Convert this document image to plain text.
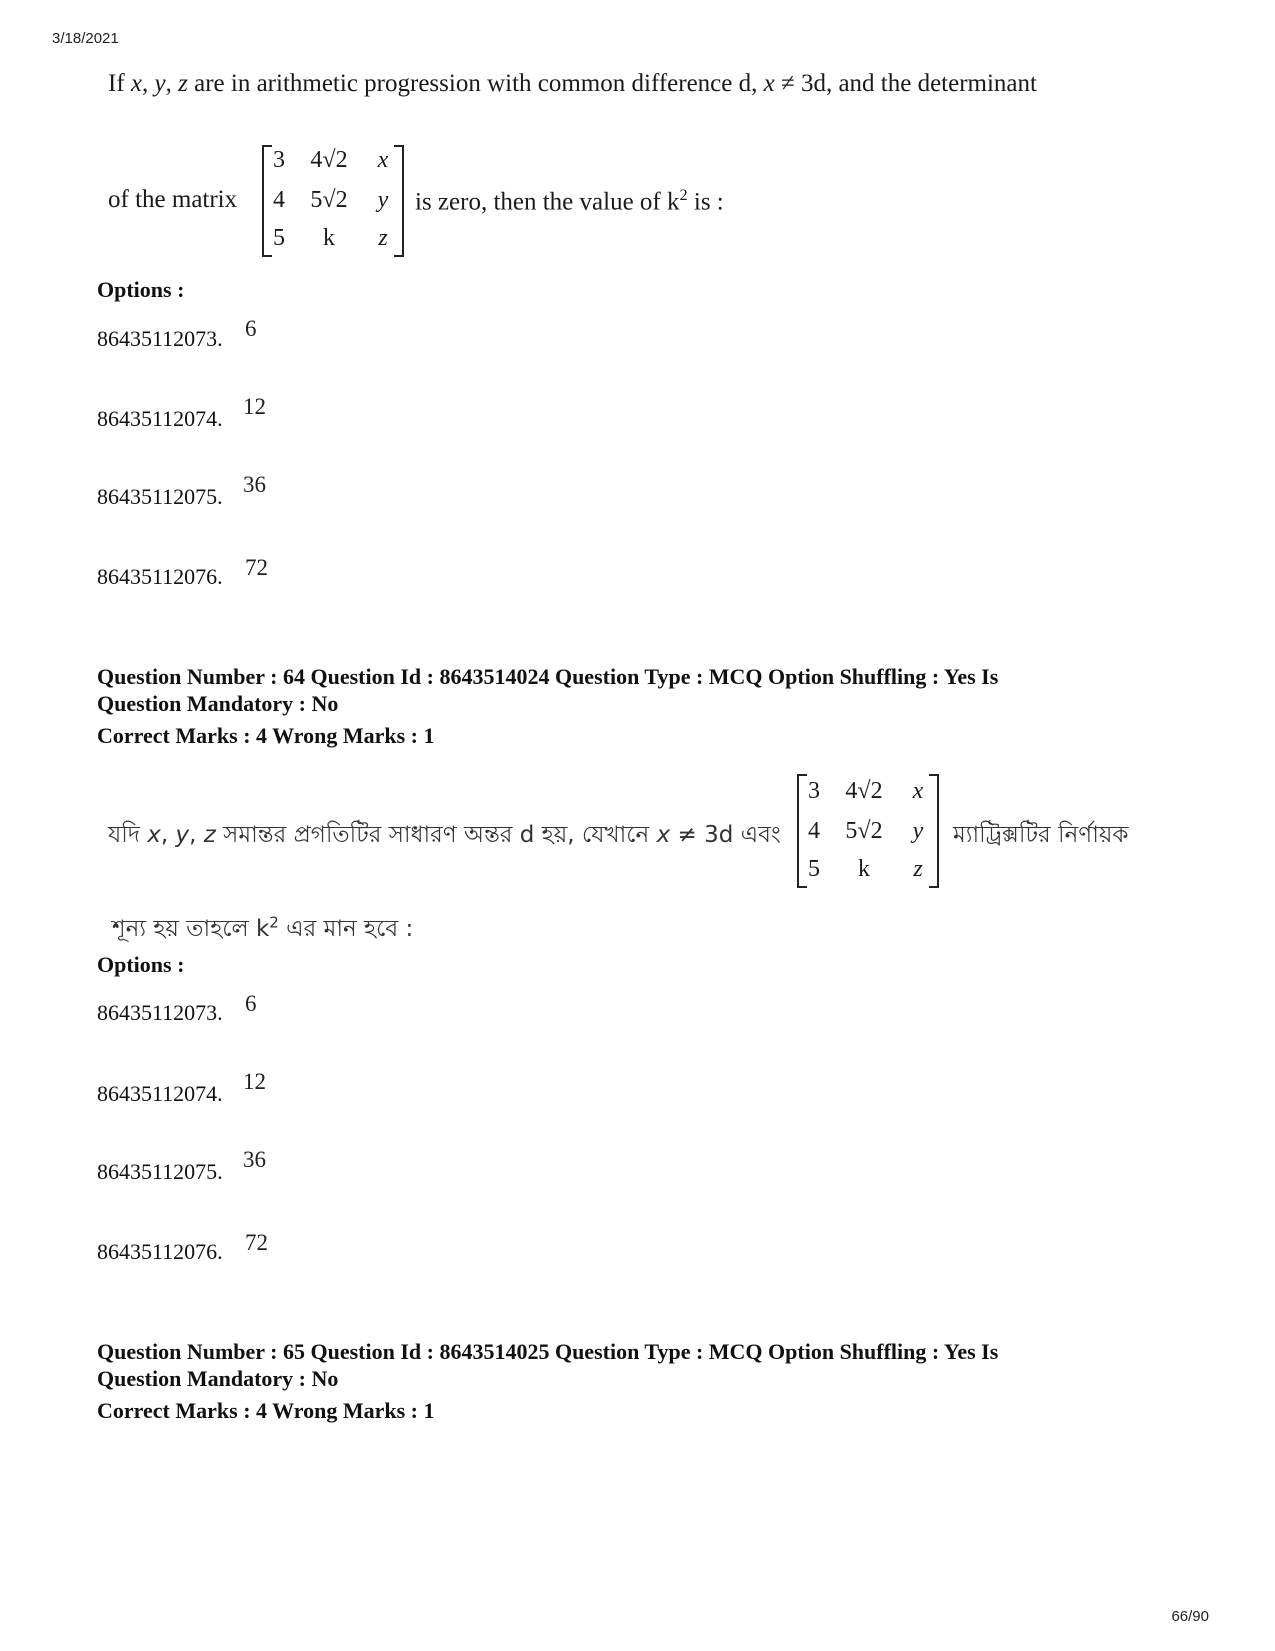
3/18/2021
If x, y, z are in arithmetic progression with common difference d, x ≠ 3d, and the determinant
of the matrix
3	4√2	x
4	5√2	y
5	k	z
is zero, then the value of $k^2$ is :
Options :
86435112073. 6
86435112074. 12
86435112075. 36
86435112076. 72
Question Number : 64 Question Id : 8643514024 Question Type : MCQ Option Shuffling : Yes Is
Question Mandatory : No
Correct Marks : 4 Wrong Marks : 1
যদি x, y, z সমান্তর প্রগতিটির সাধারণ অন্তর d হয়, যেখানে x ≠ 3d এবং
3	4√2	x
4	5√2	y
5	k	z
ম্যাট্রিক্সটির নির্ণায়ক
শূন্য হয় তাহলে $k^2$ এর মান হবে :
Options :
86435112073. 6
86435112074. 12
86435112075. 36
86435112076. 72
Question Number : 65 Question Id : 8643514025 Question Type : MCQ Option Shuffling : Yes Is
Question Mandatory : No
Correct Marks : 4 Wrong Marks : 1
66/90
